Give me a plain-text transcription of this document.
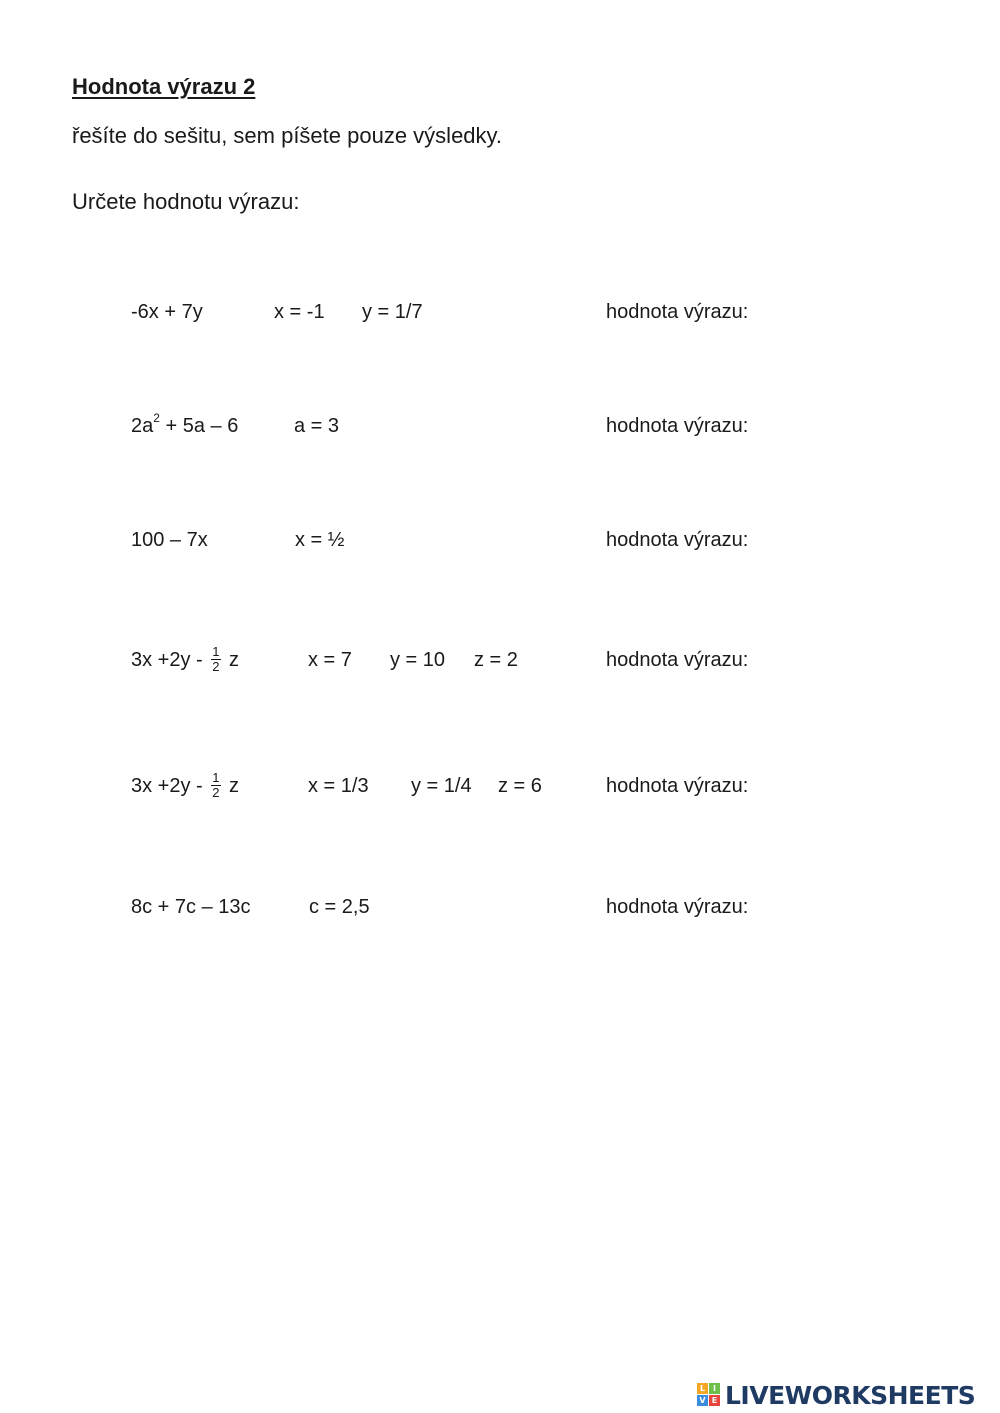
Hodnota výrazu 2

řešíte do sešitu, sem píšete pouze výsledky.

Určete hodnotu výrazu:

-6x + 7y	x = -1 y = 1/7	hodnota výrazu:
$2a^2 + 5a - 6$	a = 3	hodnota výrazu:
100 – 7x	x = ½	hodnota výrazu:
$3x +2y - \frac{1}{2}$ z	x = 7 y = 10 z = 2	hodnota výrazu:
$3x +2y - \frac{1}{2}$ z	x = 1/3 y = 1/4 z = 6	hodnota výrazu:
8c + 7c – 13c	c = 2,5	hodnota výrazu:
L I
V E LIVEWORKSHEETS
